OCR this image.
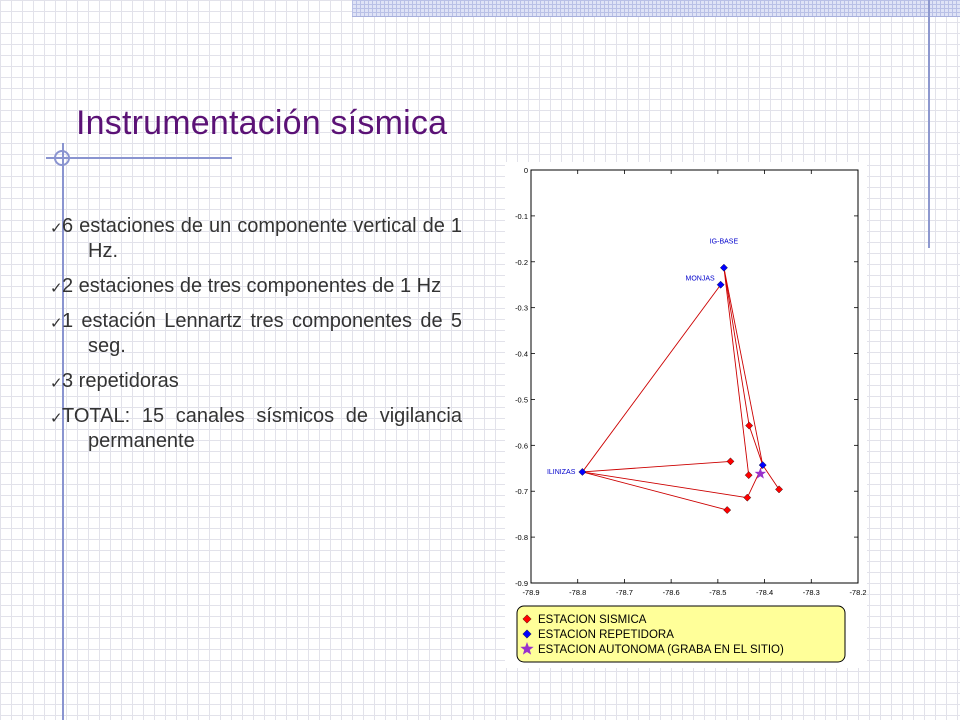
Instrumentación sísmica
✓ 6 estaciones de un componente vertical de 1 Hz.
✓ 2 estaciones de tres componentes de 1 Hz
✓ 1 estación Lennartz tres componentes de 5 seg.
✓ 3 repetidoras
✓ TOTAL: 15 canales sísmicos de vigilancia permanente
-78.9	-78.8	-78.7	-78.6	-78.5	-78.4	-78.3	-78.2
0
-0.1
-0.2
-0.3
-0.4
-0.5
-0.6
-0.7
-0.8
-0.9
ILINIZAS
IG-BASE
MONJAS
ESTACION SISMICA
ESTACION REPETIDORA
ESTACION AUTONOMA (GRABA EN EL SITIO)
